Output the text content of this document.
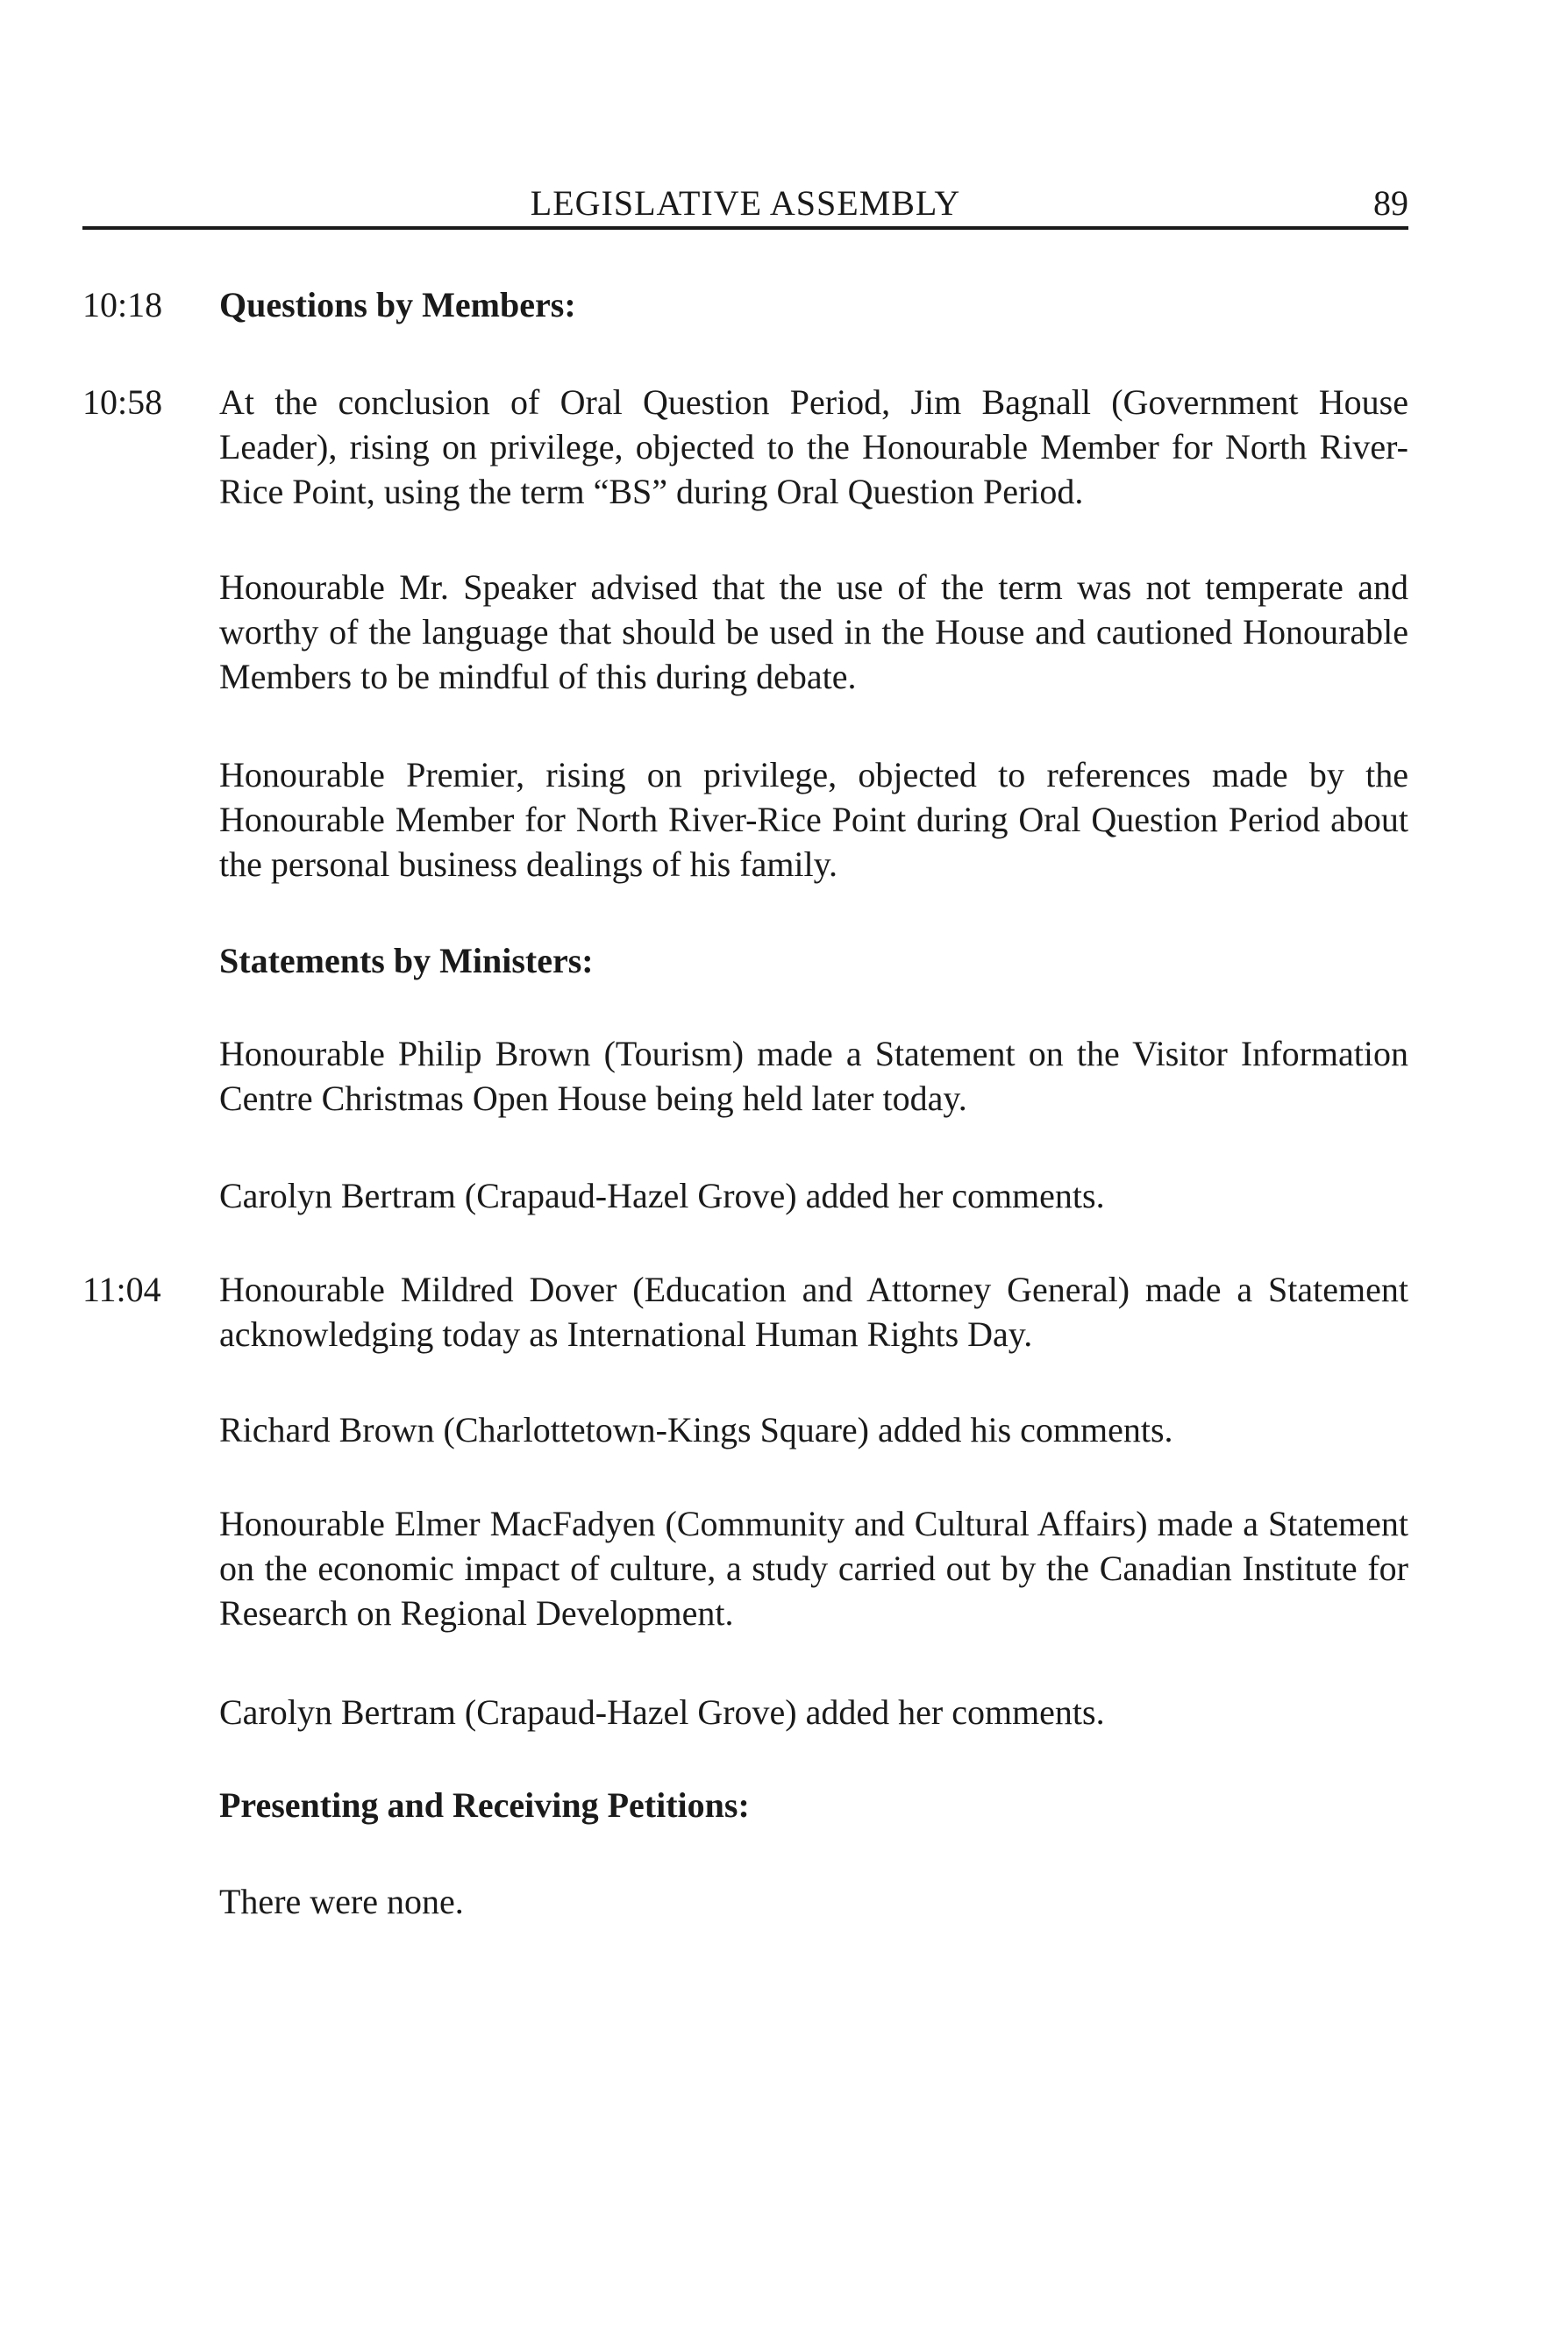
LEGISLATIVE ASSEMBLY	89
10:18 Questions by Members:
10:58 At the conclusion of Oral Question Period, Jim Bagnall (Government House Leader), rising on privilege, objected to the Honourable Member for North River-Rice Point, using the term “BS” during Oral Question Period.
Honourable Mr. Speaker advised that the use of the term was not temperate and worthy of the language that should be used in the House and cautioned Honourable Members to be mindful of this during debate.
Honourable Premier, rising on privilege, objected to references made by the Honourable Member for North River-Rice Point during Oral Question Period about the personal business dealings of his family.
Statements by Ministers:
Honourable Philip Brown (Tourism) made a Statement on the Visitor Information Centre Christmas Open House being held later today.
Carolyn Bertram (Crapaud-Hazel Grove) added her comments.
11:04 Honourable Mildred Dover (Education and Attorney General) made a Statement acknowledging today as International Human Rights Day.
Richard Brown (Charlottetown-Kings Square) added his comments.
Honourable Elmer MacFadyen (Community and Cultural Affairs) made a Statement on the economic impact of culture, a study carried out by the Canadian Institute for Research on Regional Development.
Carolyn Bertram (Crapaud-Hazel Grove) added her comments.
Presenting and Receiving Petitions:
There were none.
